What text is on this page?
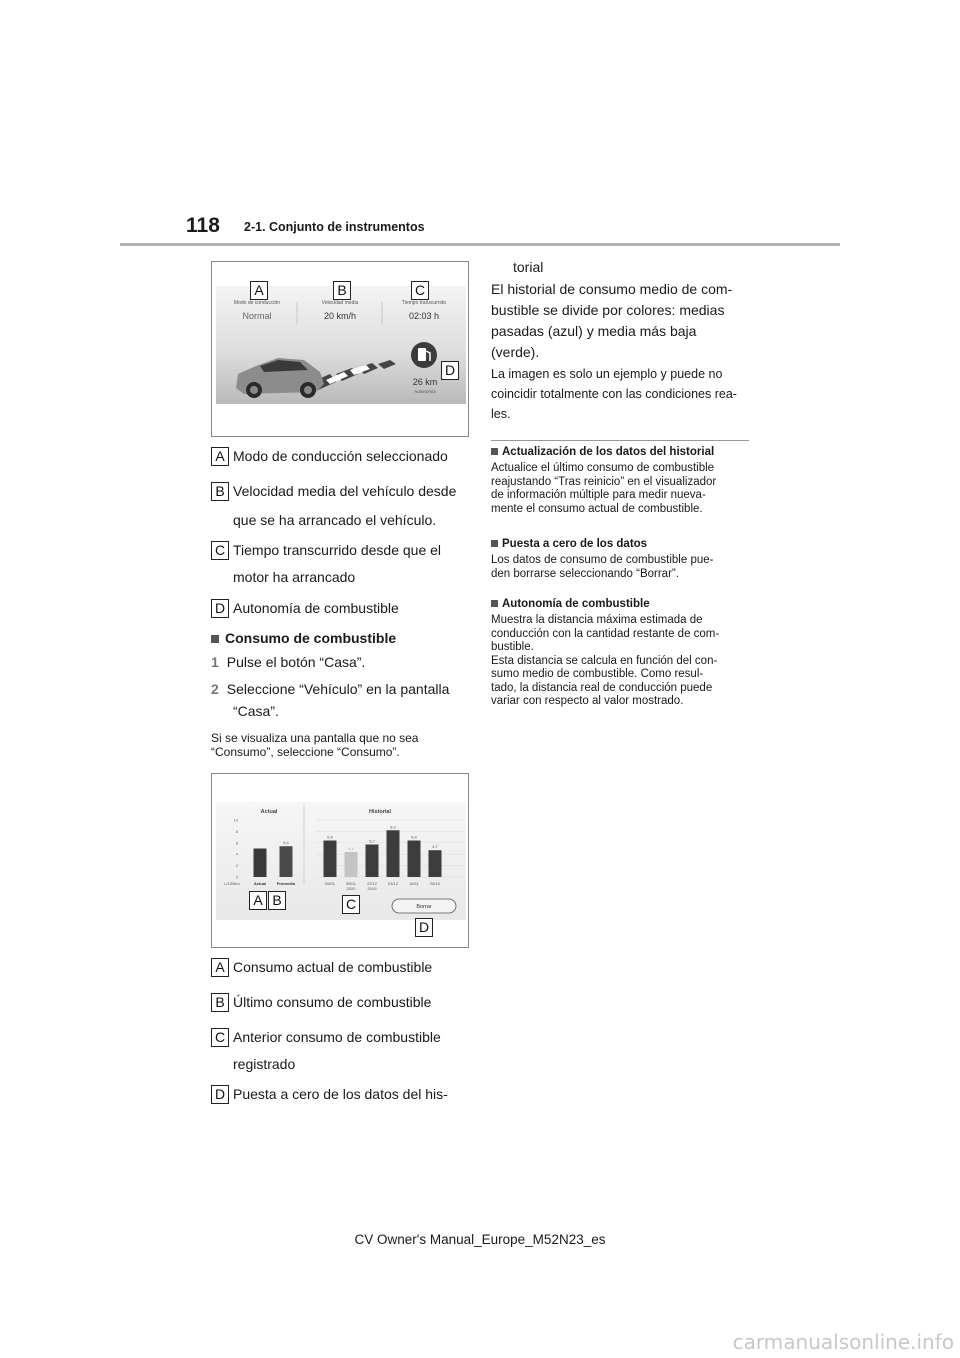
118 2-1. Conjunto de instrumentos
Modo de conducción
Normal
Velocidad media
20 km/h
Tiempo transcurrido
02:03 h
26 km
Autonomía
A	B	C
D
A Modo de conducción seleccionado
B Velocidad media del vehículo desde
que se ha arrancado el vehículo.
C Tiempo transcurrido desde que el
motor ha arrancado
D Autonomía de combustible
Consumo de combustible
1 Pulse el botón “Casa”.
2 Seleccione “Vehículo” en la pantalla
“Casa”.
Si se visualiza una pantalla que no sea
“Consumo”, seleccione “Consumo”.
Actual	Historial
10
8
6
4
2
0
Actual
5,4
Promedio
6,4
26/01
4,4
05/01
2020
5,7
22/12
2019
8,2
01/12
6,4
16/11
4,7
26/10
L/100km
Borrar
A B	C
D
A Consumo actual de combustible
B Último consumo de combustible
C Anterior consumo de combustible
registrado
D Puesta a cero de los datos del his-
torial
El historial de consumo medio de com-
bustible se divide por colores: medias
pasadas (azul) y media más baja
(verde).
La imagen es solo un ejemplo y puede no
coincidir totalmente con las condiciones rea-
les.
Actualización de los datos del historial
Actualice el último consumo de combustible
reajustando “Tras reinicio” en el visualizador
de información múltiple para medir nueva-
mente el consumo actual de combustible.
Puesta a cero de los datos
Los datos de consumo de combustible pue-
den borrarse seleccionando “Borrar”.
Autonomía de combustible
Muestra la distancia máxima estimada de
conducción con la cantidad restante de com-
bustible.
Esta distancia se calcula en función del con-
sumo medio de combustible. Como resul-
tado, la distancia real de conducción puede
variar con respecto al valor mostrado.
CV Owner's Manual_Europe_M52N23_es
carmanualsonline.info
